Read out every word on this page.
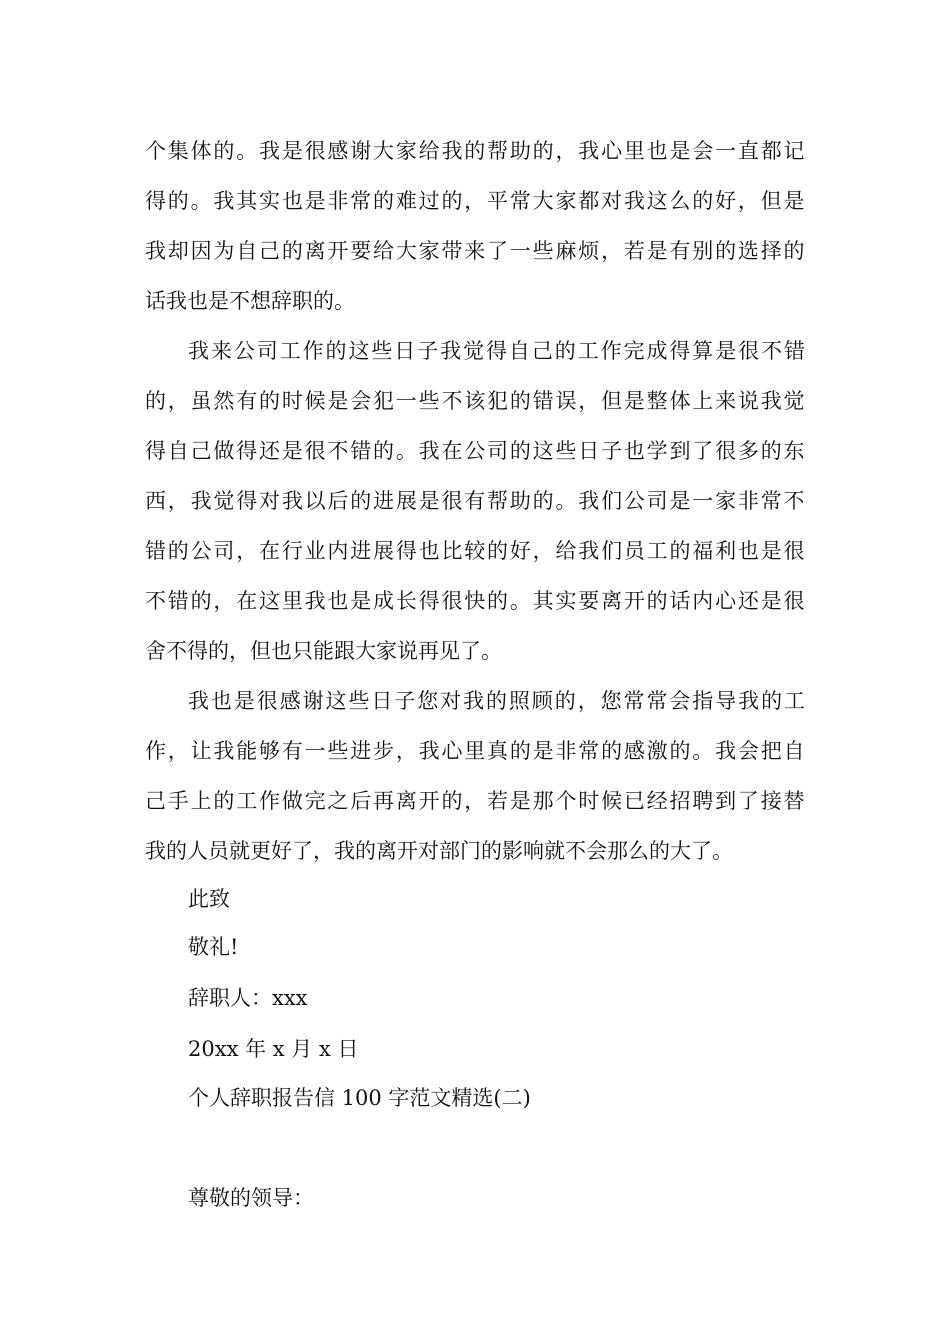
个集体的。我是很感谢大家给我的帮助的，我心里也是会一直都记
得的。我其实也是非常的难过的，平常大家都对我这么的好，但是
我却因为自己的离开要给大家带来了一些麻烦，若是有别的选择的
话我也是不想辞职的。
我来公司工作的这些日子我觉得自己的工作完成得算是很不错
的，虽然有的时候是会犯一些不该犯的错误，但是整体上来说我觉
得自己做得还是很不错的。我在公司的这些日子也学到了很多的东
西，我觉得对我以后的进展是很有帮助的。我们公司是一家非常不
错的公司，在行业内进展得也比较的好，给我们员工的福利也是很
不错的，在这里我也是成长得很快的。其实要离开的话内心还是很
舍不得的，但也只能跟大家说再见了。
我也是很感谢这些日子您对我的照顾的，您常常会指导我的工
作，让我能够有一些进步，我心里真的是非常的感激的。我会把自
己手上的工作做完之后再离开的，若是那个时候已经招聘到了接替
我的人员就更好了，我的离开对部门的影响就不会那么的大了。
此致
敬礼!
辞职人：xxx
20xx 年 x 月 x 日
个人辞职报告信 100 字范文精选(二)
尊敬的领导：
